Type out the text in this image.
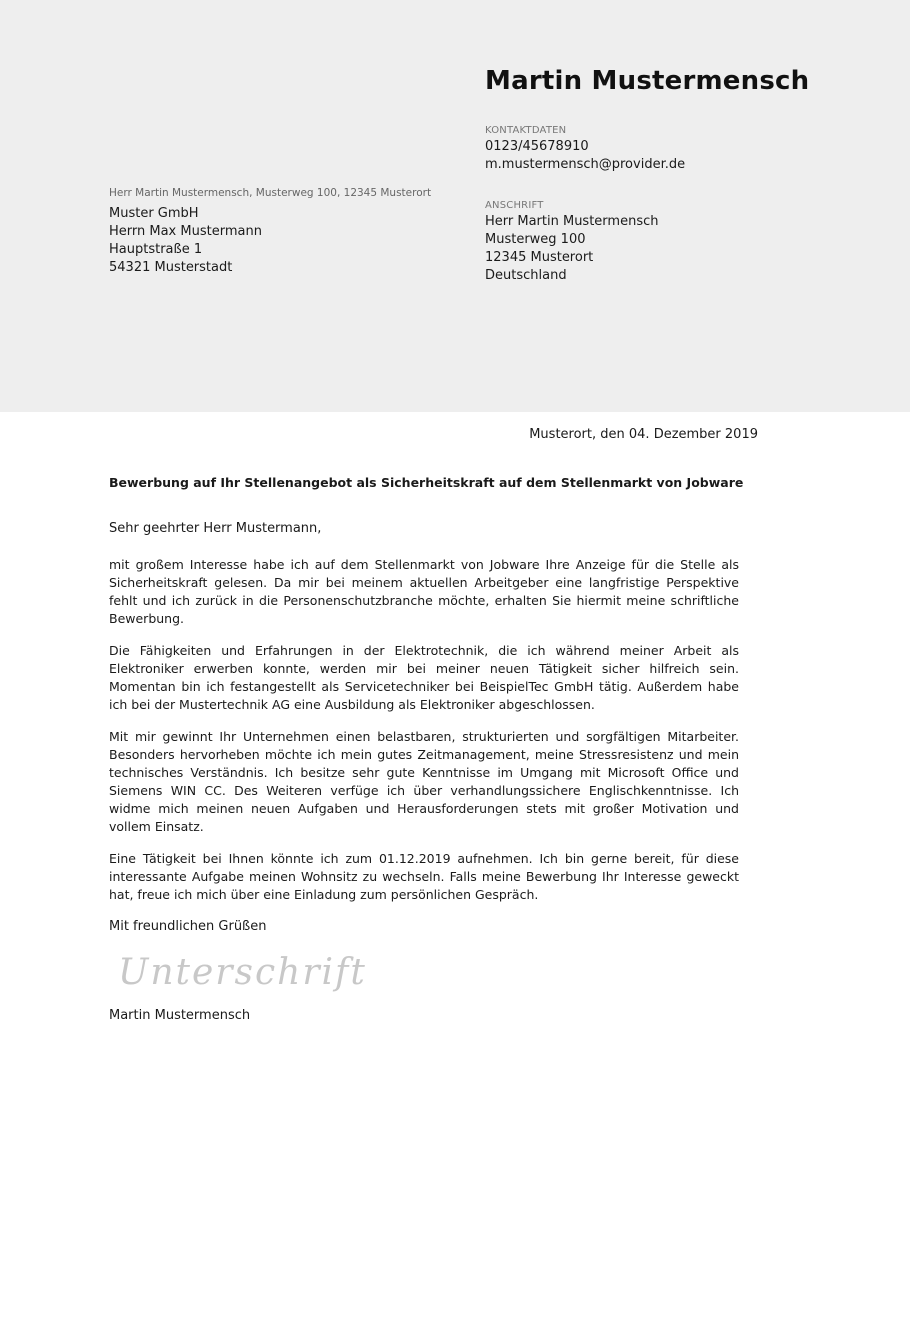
Martin Mustermensch
KONTAKTDATEN
0123/45678910
m.mustermensch@provider.de
ANSCHRIFT
Herr Martin Mustermensch
Musterweg 100
12345 Musterort
Deutschland
Herr Martin Mustermensch, Musterweg 100, 12345 Musterort
Muster GmbH
Herrn Max Mustermann
Hauptstraße 1
54321 Musterstadt
Musterort, den 04. Dezember 2019
Bewerbung auf Ihr Stellenangebot als Sicherheitskraft auf dem Stellenmarkt von Jobware
Sehr geehrter Herr Mustermann,

mit großem Interesse habe ich auf dem Stellenmarkt von Jobware Ihre Anzeige für die Stelle als Sicherheitskraft gelesen. Da mir bei meinem aktuellen Arbeitgeber eine langfristige Perspektive fehlt und ich zurück in die Personenschutzbranche möchte, erhalten Sie hiermit meine schriftliche Bewerbung.

Die Fähigkeiten und Erfahrungen in der Elektrotechnik, die ich während meiner Arbeit als Elektroniker erwerben konnte, werden mir bei meiner neuen Tätigkeit sicher hilfreich sein. Momentan bin ich festangestellt als Servicetechniker bei BeispielTec GmbH tätig. Außerdem habe ich bei der Mustertechnik AG eine Ausbildung als Elektroniker abgeschlossen.

Mit mir gewinnt Ihr Unternehmen einen belastbaren, strukturierten und sorgfältigen Mitarbeiter. Besonders hervorheben möchte ich mein gutes Zeitmanagement, meine Stressresistenz und mein technisches Verständnis. Ich besitze sehr gute Kenntnisse im Umgang mit Microsoft Office und Siemens WIN CC. Des Weiteren verfüge ich über verhandlungssichere Englischkenntnisse. Ich widme mich meinen neuen Aufgaben und Herausforderungen stets mit großer Motivation und vollem Einsatz.

Eine Tätigkeit bei Ihnen könnte ich zum 01.12.2019 aufnehmen. Ich bin gerne bereit, für diese interessante Aufgabe meinen Wohnsitz zu wechseln. Falls meine Bewerbung Ihr Interesse geweckt hat, freue ich mich über eine Einladung zum persönlichen Gespräch.

Mit freundlichen Grüßen
Unterschrift
Martin Mustermensch
